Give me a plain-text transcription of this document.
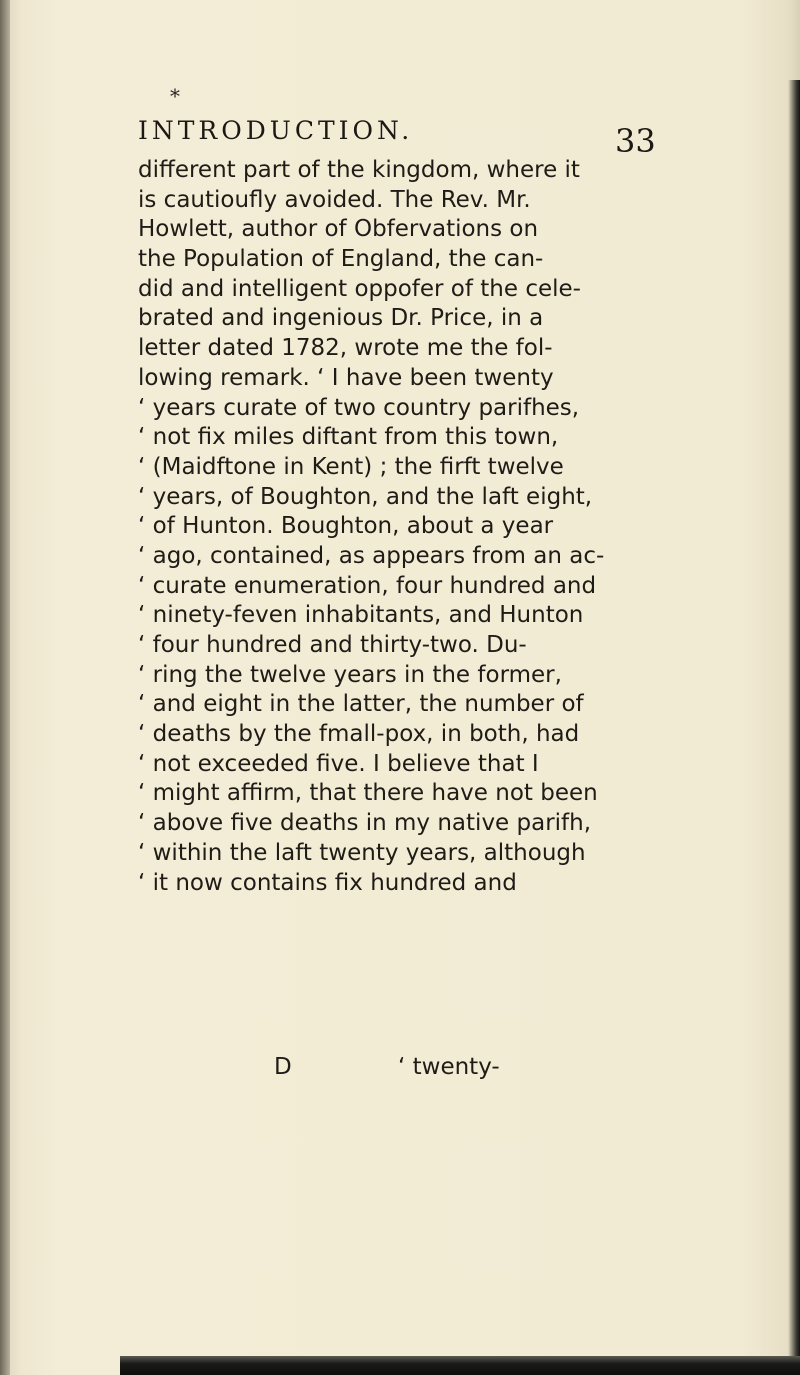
*
INTRODUCTION.	33
different part of the kingdom, where it
is cautioufly avoided. The Rev. Mr.
Howlett, author of Obfervations on
the Population of England, the can-
did and intelligent oppofer of the cele-
brated and ingenious Dr. Price, in a
letter dated 1782, wrote me the fol-
lowing remark. ‘ I have been twenty
‘ years curate of two country parifhes,
‘ not fix miles diftant from this town,
‘ (Maidftone in Kent) ; the firft twelve
‘ years, of Boughton, and the laft eight,
‘ of Hunton. Boughton, about a year
‘ ago, contained, as appears from an ac-
‘ curate enumeration, four hundred and
‘ ninety-feven inhabitants, and Hunton
‘ four hundred and thirty-two. Du-
‘ ring the twelve years in the former,
‘ and eight in the latter, the number of
‘ deaths by the fmall-pox, in both, had
‘ not exceeded five. I believe that I
‘ might affirm, that there have not been
‘ above five deaths in my native parifh,
‘ within the laft twenty years, although
‘ it now contains fix hundred and
D	‘ twenty-
